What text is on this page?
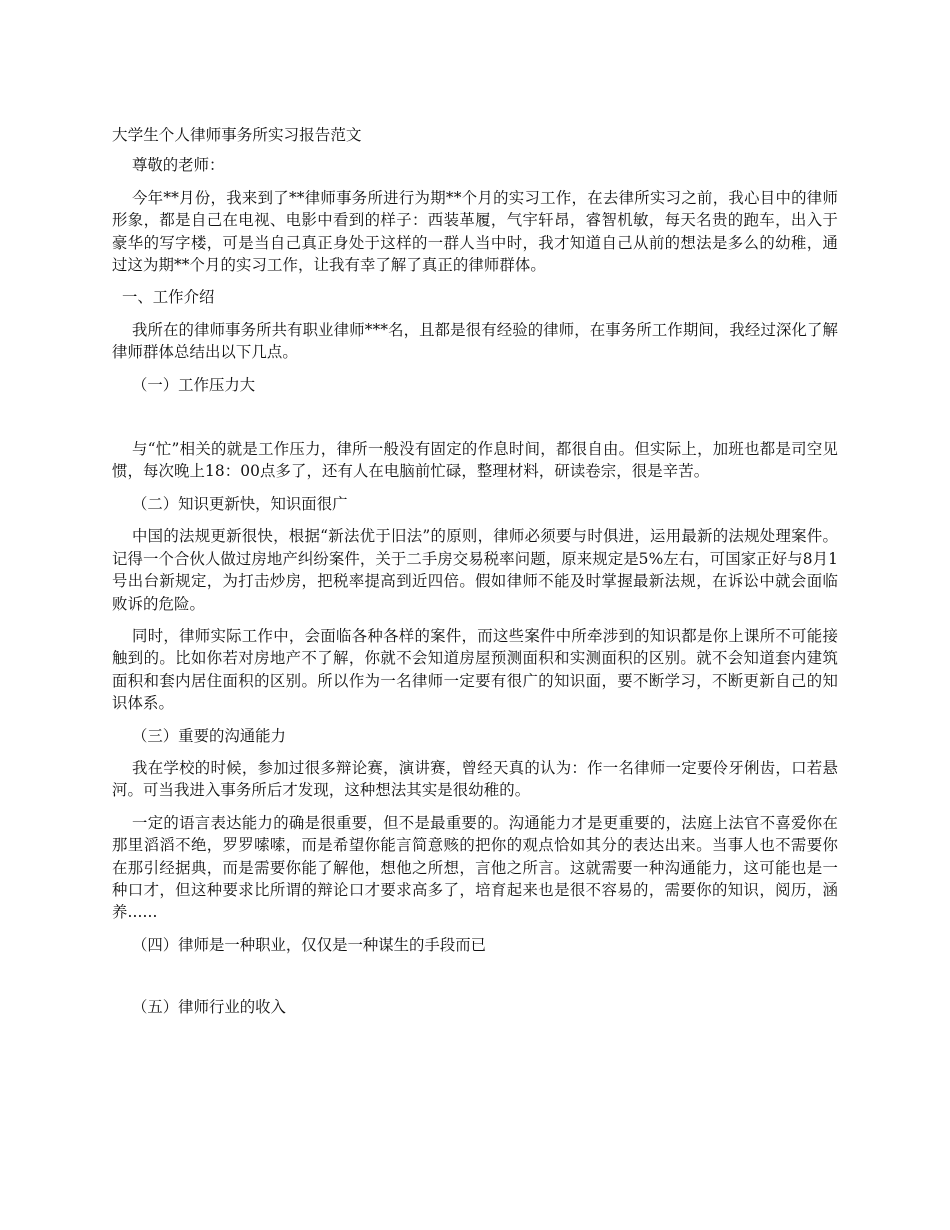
大学生个人律师事务所实习报告范文
尊敬的老师：

今年**月份，我来到了**律师事务所进行为期**个月的实习工作，在去律所实习之前，我心目中的律师形象，都是自己在电视、电影中看到的样子：西装革履，气宇轩昂，睿智机敏，每天名贵的跑车，出入于豪华的写字楼，可是当自己真正身处于这样的一群人当中时，我才知道自己从前的想法是多么的幼稚，通过这为期**个月的实习工作，让我有幸了解了真正的律师群体。

一、工作介绍

我所在的律师事务所共有职业律师***名，且都是很有经验的律师，在事务所工作期间，我经过深化了解律师群体总结出以下几点。

（一）工作压力大

与“忙”相关的就是工作压力，律所一般没有固定的作息时间，都很自由。但实际上，加班也都是司空见惯，每次晚上18：00点多了，还有人在电脑前忙碌，整理材料，研读卷宗，很是辛苦。

（二）知识更新快，知识面很广

中国的法规更新很快，根据“新法优于旧法”的原则，律师必须要与时俱进，运用最新的法规处理案件。记得一个合伙人做过房地产纠纷案件，关于二手房交易税率问题，原来规定是5%左右，可国家正好与8月1号出台新规定，为打击炒房，把税率提高到近四倍。假如律师不能及时掌握最新法规，在诉讼中就会面临败诉的危险。

同时，律师实际工作中，会面临各种各样的案件，而这些案件中所牵涉到的知识都是你上课所不可能接触到的。比如你若对房地产不了解，你就不会知道房屋预测面积和实测面积的区别。就不会知道套内建筑面积和套内居住面积的区别。所以作为一名律师一定要有很广的知识面，要不断学习，不断更新自己的知识体系。

（三）重要的沟通能力

我在学校的时候，参加过很多辩论赛，演讲赛，曾经天真的认为：作一名律师一定要伶牙俐齿，口若悬河。可当我进入事务所后才发现，这种想法其实是很幼稚的。

一定的语言表达能力的确是很重要，但不是最重要的。沟通能力才是更重要的，法庭上法官不喜爱你在那里滔滔不绝，罗罗嗦嗦，而是希望你能言简意赅的把你的观点恰如其分的表达出来。当事人也不需要你在那引经据典，而是需要你能了解他，想他之所想，言他之所言。这就需要一种沟通能力，这可能也是一种口才，但这种要求比所谓的辩论口才要求高多了，培育起来也是很不容易的，需要你的知识，阅历，涵养......

（四）律师是一种职业，仅仅是一种谋生的手段而已
（五）律师行业的收入
